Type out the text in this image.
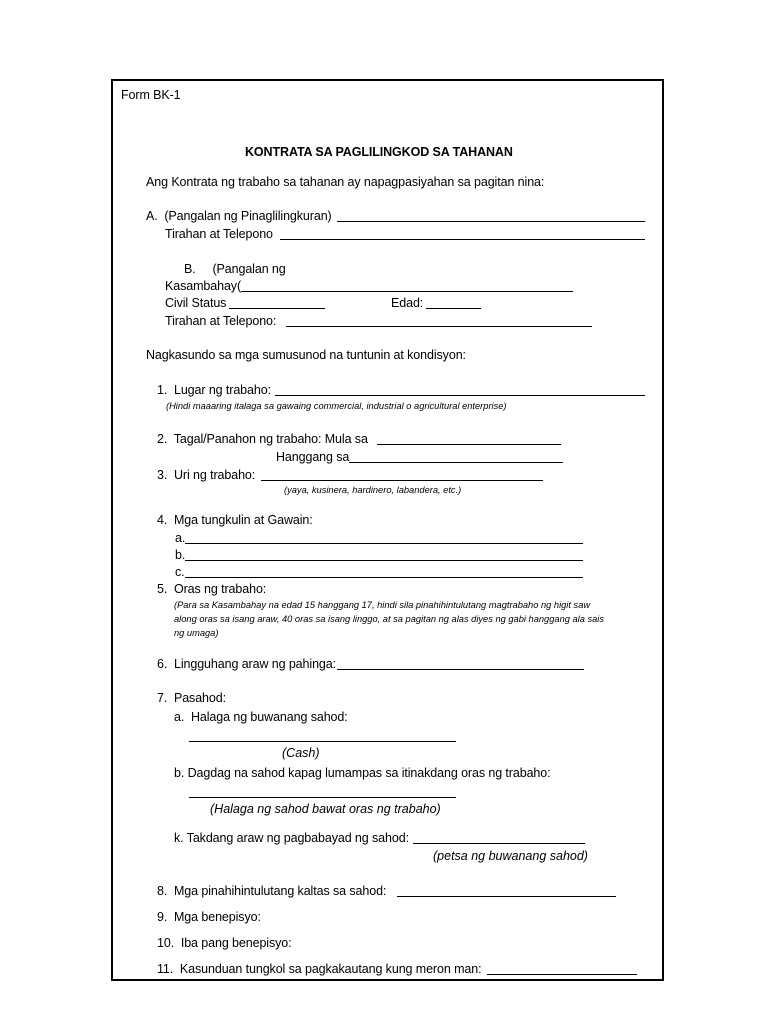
Form BK-1
KONTRATA SA PAGLILINGKOD SA TAHANAN
Ang Kontrata ng trabaho sa tahanan ay napagpasiyahan sa pagitan nina:
A.  (Pangalan ng Pinaglilingkuran)
Tirahan at Telepono
B.     (Pangalan ng
Kasambahay(
Civil Status	Edad:
Tirahan at Telepono:
Nagkasundo sa mga sumusunod na tuntunin at kondisyon:
1.  Lugar ng trabaho:
(Hindi maaaring italaga sa gawaing commercial, industrial o agricultural enterprise)
2.  Tagal/Panahon ng trabaho: Mula sa
Hanggang sa
3.  Uri ng trabaho:
(yaya, kusinera, hardinero, labandera, etc.)
4.  Mga tungkulin at Gawain:
a.
b.
c.
5.  Oras ng trabaho:
(Para sa Kasambahay na edad 15 hanggang 17, hindi sila pinahihintulutang magtrabaho ng higit saw
along oras sa isang araw, 40 oras sa isang linggo, at sa pagitan ng alas diyes ng gabi hanggang ala sais
ng umaga)
6.  Lingguhang araw ng pahinga:
7.  Pasahod:
a.  Halaga ng buwanang sahod:
(Cash)
b. Dagdag na sahod kapag lumampas sa itinakdang oras ng trabaho:
(Halaga ng sahod bawat oras ng trabaho)
k. Takdang araw ng pagbabayad ng sahod:
(petsa ng buwanang sahod)
8.  Mga pinahihintulutang kaltas sa sahod:
9.  Mga benepisyo:
10.  Iba pang benepisyo:
11.  Kasunduan tungkol sa pagkakautang kung meron man:
